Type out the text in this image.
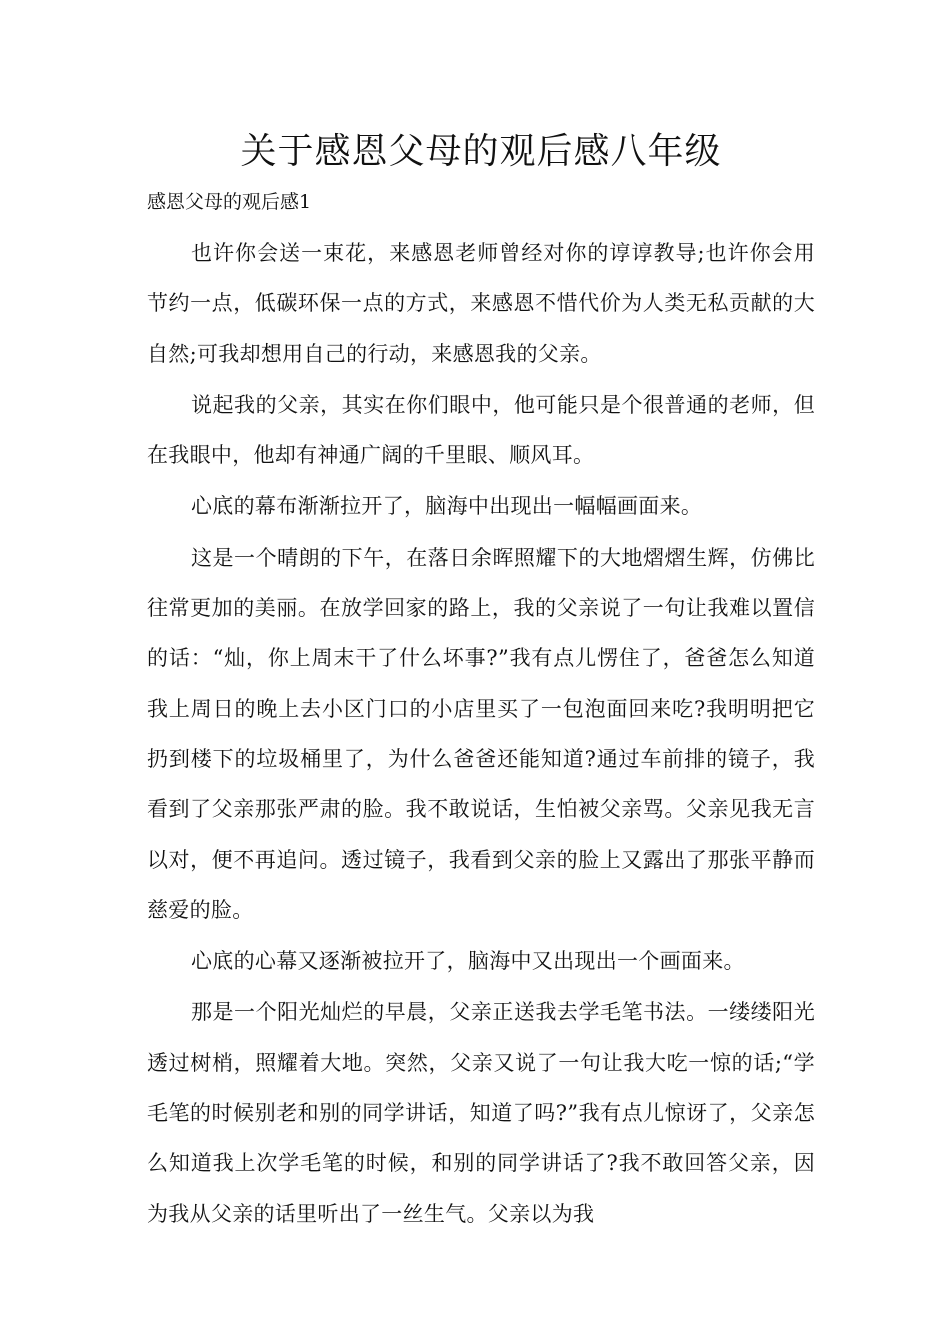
关于感恩父母的观后感八年级
感恩父母的观后感1

也许你会送一束花，来感恩老师曾经对你的谆谆教导;也许你会用节约一点，低碳环保一点的方式，来感恩不惜代价为人类无私贡献的大自然;可我却想用自己的行动，来感恩我的父亲。

说起我的父亲，其实在你们眼中，他可能只是个很普通的老师，但在我眼中，他却有神通广阔的千里眼、顺风耳。

心底的幕布渐渐拉开了，脑海中出现出一幅幅画面来。

这是一个晴朗的下午，在落日余晖照耀下的大地熠熠生辉，仿佛比往常更加的美丽。在放学回家的路上，我的父亲说了一句让我难以置信的话：“灿，你上周末干了什么坏事?”我有点儿愣住了，爸爸怎么知道我上周日的晚上去小区门口的小店里买了一包泡面回来吃?我明明把它扔到楼下的垃圾桶里了，为什么爸爸还能知道?通过车前排的镜子，我看到了父亲那张严肃的脸。我不敢说话，生怕被父亲骂。父亲见我无言以对，便不再追问。透过镜子，我看到父亲的脸上又露出了那张平静而慈爱的脸。

心底的心幕又逐渐被拉开了，脑海中又出现出一个画面来。

那是一个阳光灿烂的早晨，父亲正送我去学毛笔书法。一缕缕阳光透过树梢，照耀着大地。突然，父亲又说了一句让我大吃一惊的话;“学毛笔的时候别老和别的同学讲话，知道了吗?”我有点儿惊讶了，父亲怎么知道我上次学毛笔的时候，和别的同学讲话了?我不敢回答父亲，因为我从父亲的话里听出了一丝生气。父亲以为我
